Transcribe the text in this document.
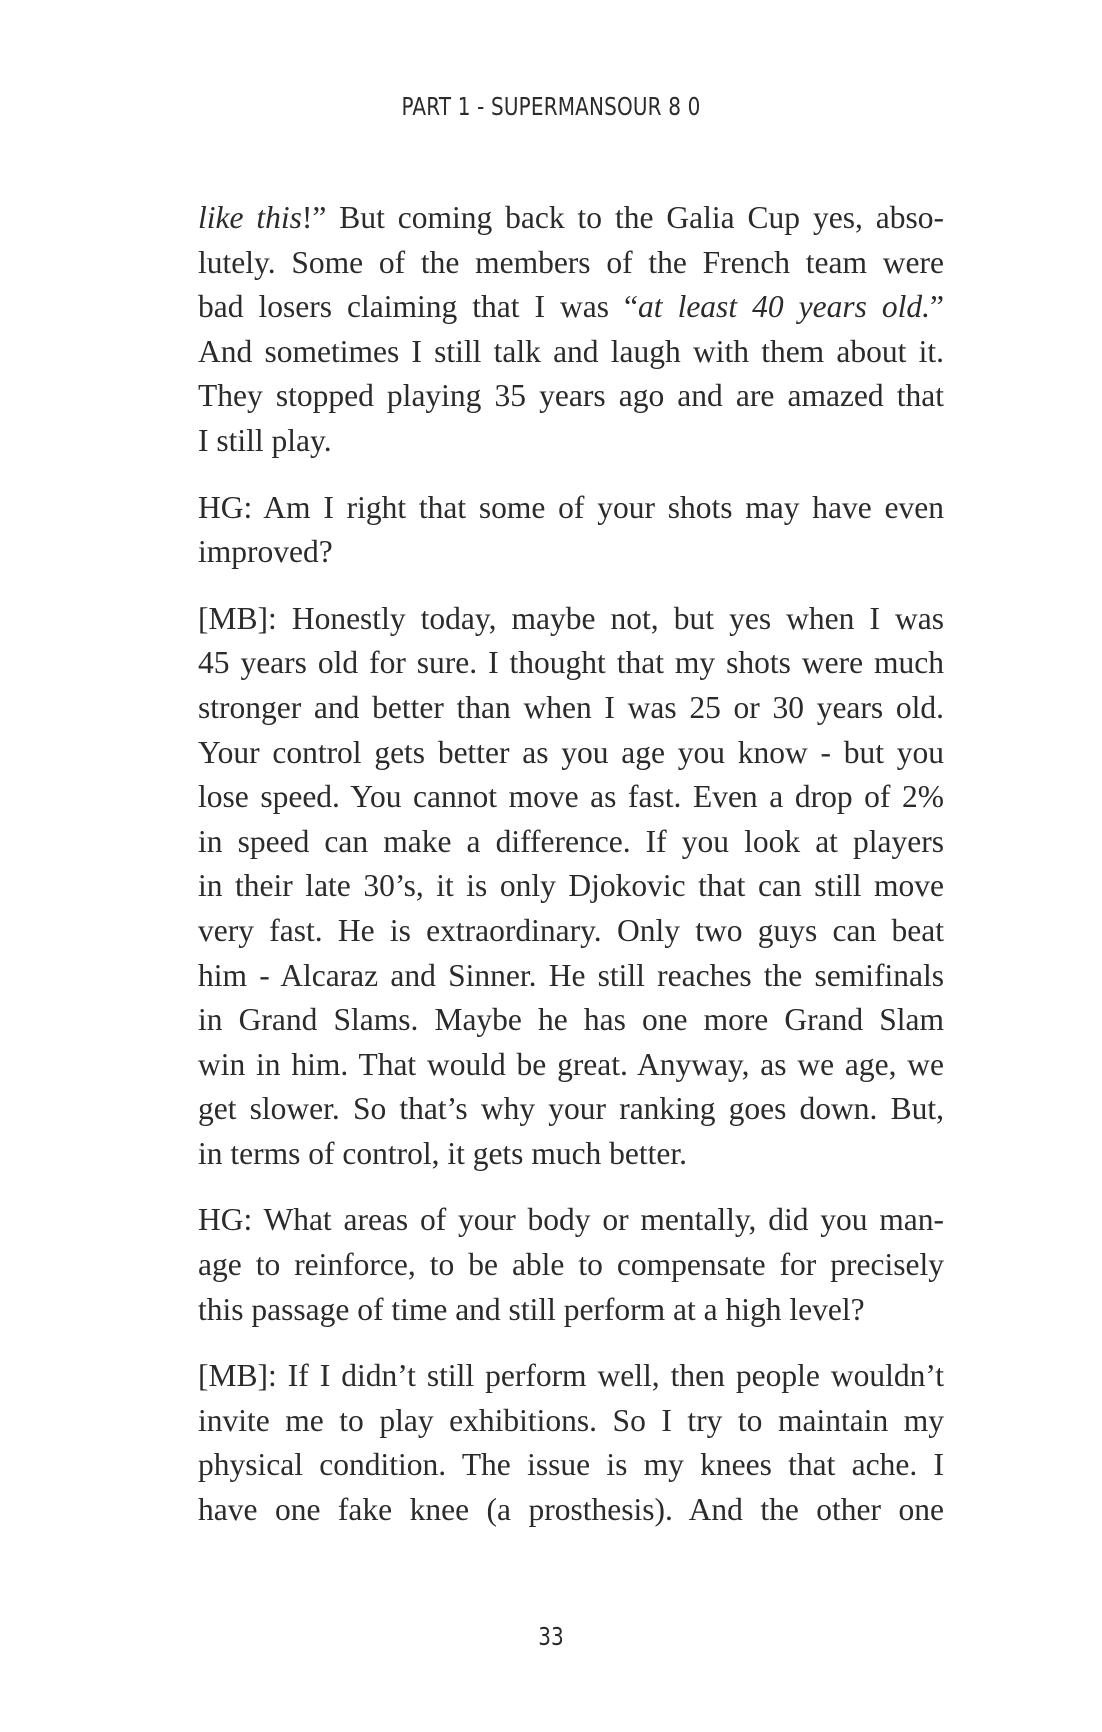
PART 1 - SUPERMANSOUR 8 0
like this!” But coming back to the Galia Cup yes, abso-
lutely. Some of the members of the French team were
bad losers claiming that I was “at least 40 years old.”
And sometimes I still talk and laugh with them about it.
They stopped playing 35 years ago and are amazed that
I still play.
HG: Am I right that some of your shots may have even
improved?
[MB]: Honestly today, maybe not, but yes when I was
45 years old for sure. I thought that my shots were much
stronger and better than when I was 25 or 30 years old.
Your control gets better as you age you know - but you
lose speed. You cannot move as fast. Even a drop of 2%
in speed can make a difference. If you look at players
in their late 30’s, it is only Djokovic that can still move
very fast. He is extraordinary. Only two guys can beat
him - Alcaraz and Sinner. He still reaches the semifinals
in Grand Slams. Maybe he has one more Grand Slam
win in him. That would be great. Anyway, as we age, we
get slower. So that’s why your ranking goes down. But,
in terms of control, it gets much better.
HG: What areas of your body or mentally, did you man-
age to reinforce, to be able to compensate for precisely
this passage of time and still perform at a high level?
[MB]: If I didn’t still perform well, then people wouldn’t
invite me to play exhibitions. So I try to maintain my
physical condition. The issue is my knees that ache. I
have one fake knee (a prosthesis). And the other one
33
